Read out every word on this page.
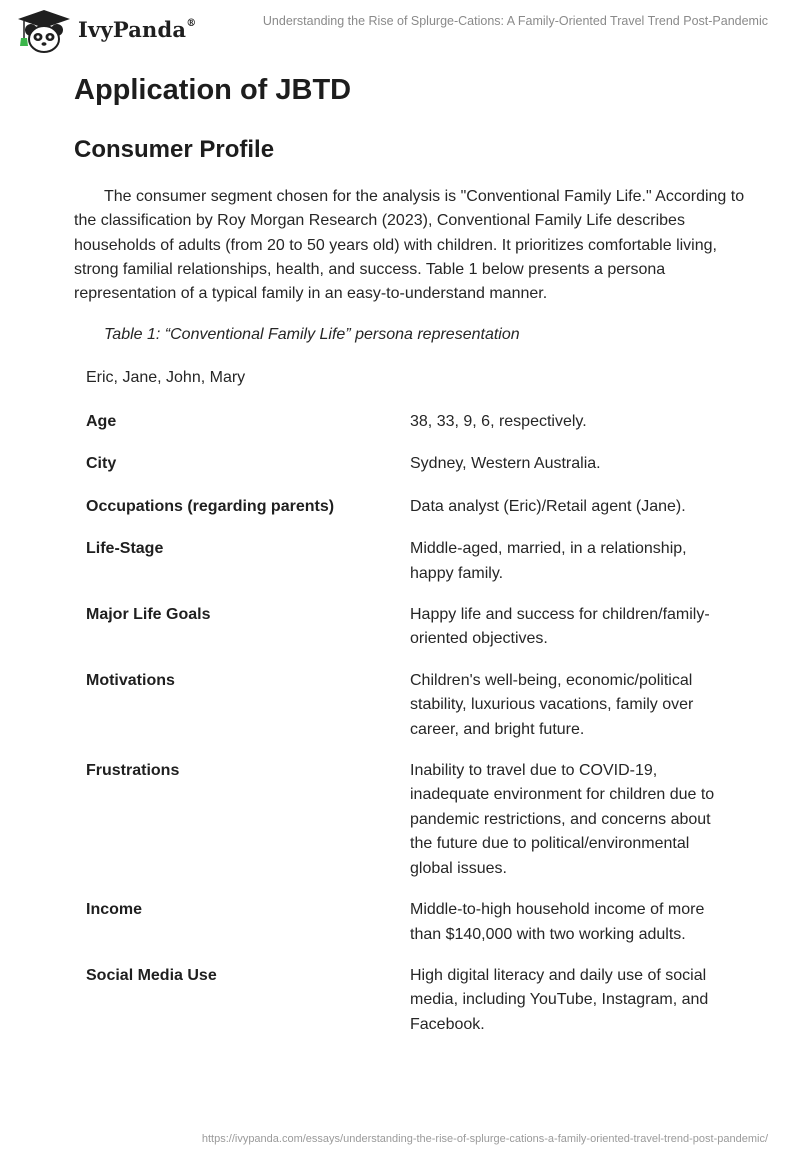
IvyPanda®	Understanding the Rise of Splurge-Cations: A Family-Oriented Travel Trend Post-Pandemic
Application of JBTD
Consumer Profile

The consumer segment chosen for the analysis is "Conventional Family Life." According to the classification by Roy Morgan Research (2023), Conventional Family Life describes households of adults (from 20 to 50 years old) with children. It prioritizes comfortable living, strong familial relationships, health, and success. Table 1 below presents a persona representation of a typical family in an easy-to-understand manner.

Table 1: “Conventional Family Life” persona representation

Eric, Jane, John, Mary
Age	38, 33, 9, 6, respectively.
City	Sydney, Western Australia.
Occupations (regarding parents)	Data analyst (Eric)/Retail agent (Jane).
Life-Stage	Middle-aged, married, in a relationship, happy family.
Major Life Goals	Happy life and success for children/family-oriented objectives.
Motivations	Children's well-being, economic/political stability, luxurious vacations, family over career, and bright future.
Frustrations	Inability to travel due to COVID-19, inadequate environment for children due to pandemic restrictions, and concerns about the future due to political/environmental global issues.
Income	Middle-to-high household income of more than $140,000 with two working adults.
Social Media Use	High digital literacy and daily use of social media, including YouTube, Instagram, and Facebook.
https://ivypanda.com/essays/understanding-the-rise-of-splurge-cations-a-family-oriented-travel-trend-post-pandemic/
